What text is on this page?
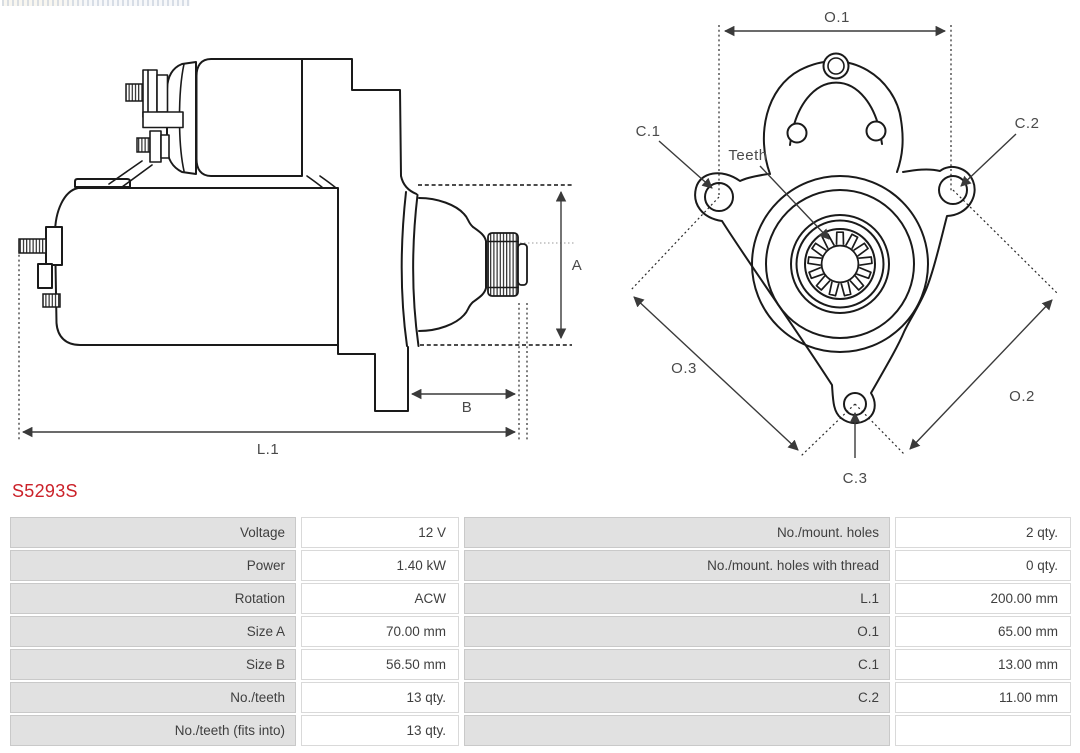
L.1
B
A
O.1
O.3
O.2
C.1	C.2
C.3
Teeth
S5293S
Voltage	12 V	No./mount. holes	2 qty.
Power	1.40 kW	No./mount. holes with thread	0 qty.
Rotation	ACW	L.1	200.00 mm
Size A	70.00 mm	O.1	65.00 mm
Size B	56.50 mm	C.1	13.00 mm
No./teeth	13 qty.	C.2	11.00 mm
No./teeth (fits into)	13 qty.
